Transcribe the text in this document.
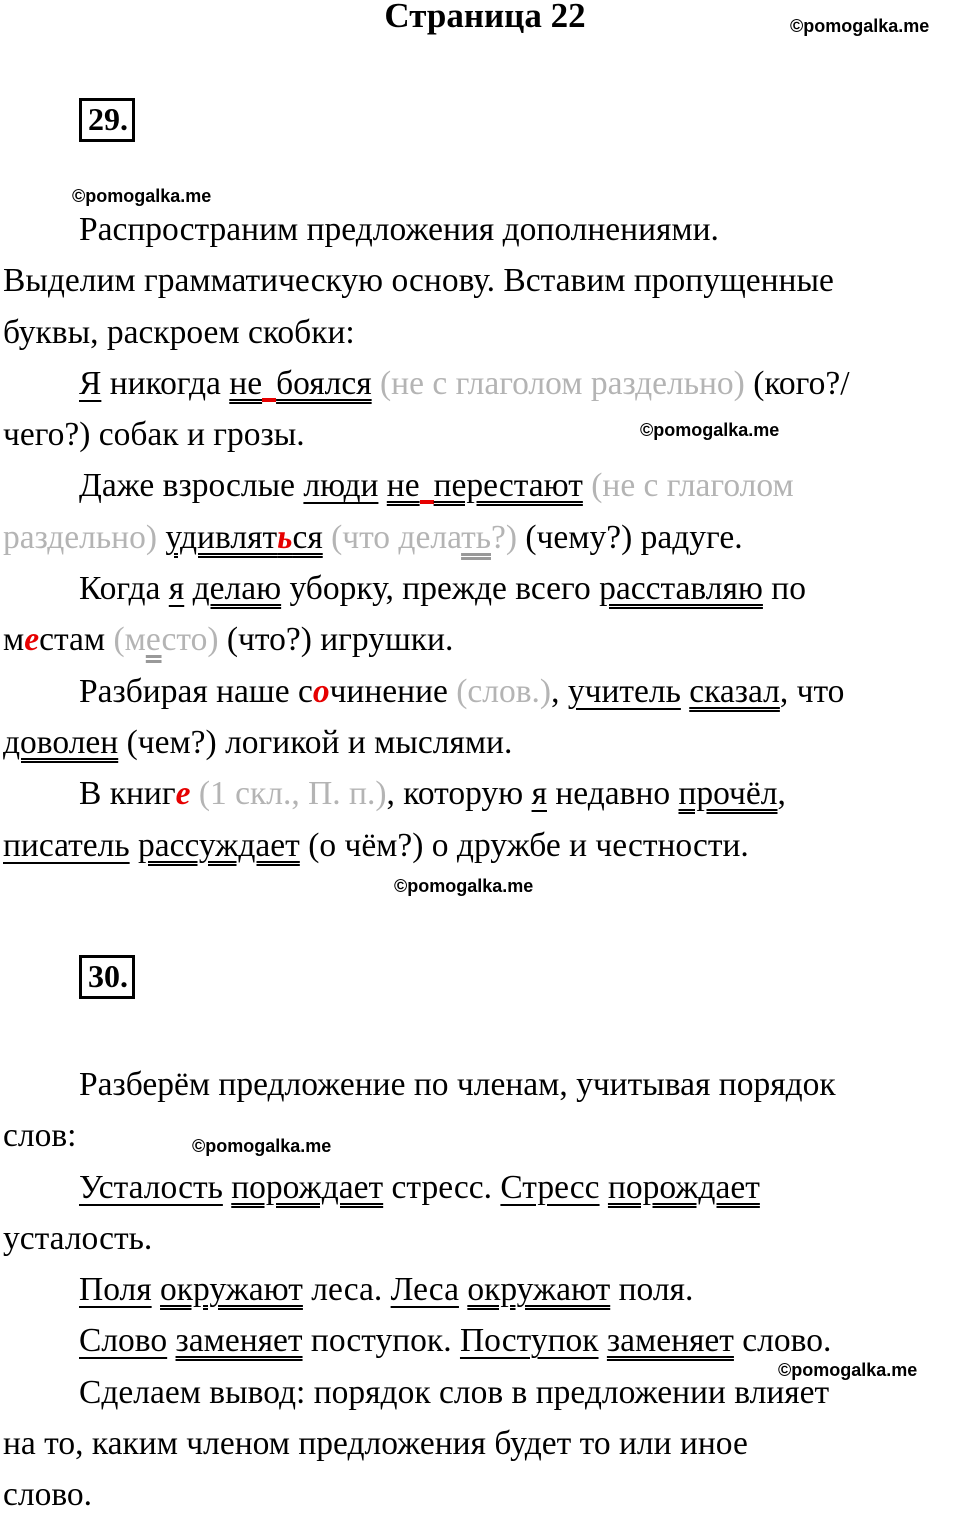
Страница 22	©pomogalka.me
29.
©pomogalka.me
Распространим предложения дополнениями.
Выделим грамматическую основу. Вставим пропущенные
буквы, раскроем скобки:
Я никогда не боялся (не с глаголом раздельно) (кого?/
чего?) собак и грозы.
Даже взрослые люди не перестают (не с глаголом
раздельно) удивляться (что делать?) (чему?) радуге.
Когда я делаю уборку, прежде всего расставляю по
местам (место) (что?) игрушки.
Разбирая наше сочинение (слов.), учитель сказал, что
доволен (чем?) логикой и мыслями.
В книге (1 скл., П. п.), которую я недавно прочёл,
писатель рассуждает (о чём?) о дружбе и честности.
©pomogalka.me
©pomogalka.me
30.
Разберём предложение по членам, учитывая порядок
слов:
Усталость порождает стресс. Стресс порождает
усталость.
Поля окружают леса. Леса окружают поля.
Слово заменяет поступок. Поступок заменяет слово.
Сделаем вывод: порядок слов в предложении влияет
на то, каким членом предложения будет то или иное
слово.
©pomogalka.me
©pomogalka.me
